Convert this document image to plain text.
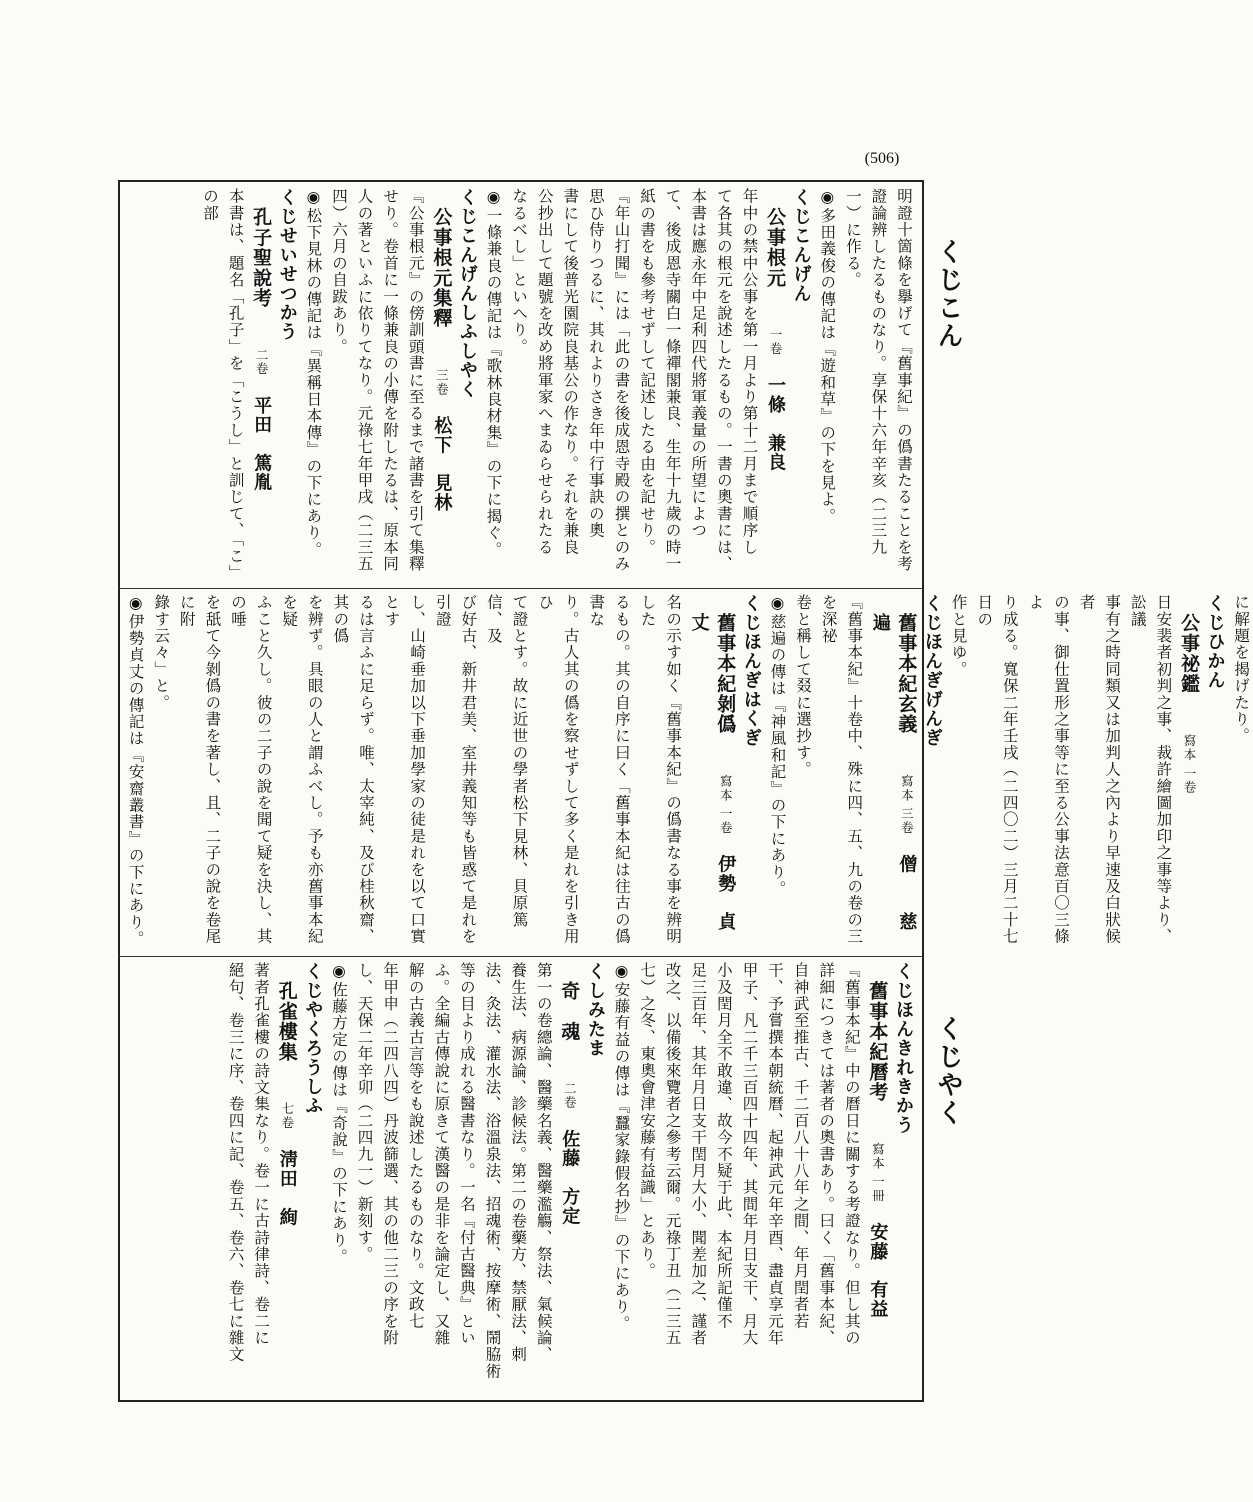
(506)
くじこん
くじやく

明證十箇條を擧げて『舊事紀』の僞書たることを考

證論辨したるものなり。享保十六年辛亥（二三九

一）に作る。

◉多田義俊の傳記は『遊和草』の下を見よ。

くじこんげん

公事根元　　一卷　一條　兼良

年中の禁中公事を第一月より第十二月まで順序し

て各其の根元を說述したるもの。一書の奧書には、

本書は應永年中足利四代將軍義量の所望によつ

て、後成恩寺關白一條禪閣兼良、生年十九歲の時一

紙の書をも參考せずして記述したる由を記せり。

『年山打聞』には「此の書を後成恩寺殿の撰とのみ

思ひ侍りつるに、其れよりさき年中行事訣の奧

書にして後普光園院良基公の作なり。それを兼良

公抄出して題號を改め將軍家へまゐらせられたる

なるべし」といへり。

◉一條兼良の傳記は『歌林良材集』の下に揭ぐ。

くじこんげんしふしやく

公事根元集釋　　三卷　松下　見林

『公事根元』の傍訓頭書に至るまで諸書を引て集釋

せり。卷首に一條兼良の小傳を附したるは、原本同

人の著といふに依りてなり。元祿七年甲戌（二三五

四）六月の自跋あり。

◉松下見林の傳記は『異稱日本傳』の下にあり。

くじせいせつかう

孔子聖說考　　二卷　平田　篤胤

本書は、題名「孔子」を「こうし」と訓じて、「こ」の部

に解題を揭げたり。

くじひかん

公事祕鑑　　寫本 一卷　

日安裴者初判之事、裁許繪圖加印之事等より、訟議

事有之時同類又は加判人之內より早速及白狀候者

の事、御仕置形之事等に至る公事法意百〇三條よ

り成る。寬保二年壬戌（二四〇二）三月二十七日の

作と見ゆ。

くじほんぎげんぎ

舊事本紀玄義　　寫本 三卷　僧　　慈遍

『舊事本紀』十卷中、殊に四、五、九の卷の三を深祕

卷と稱して叕に選抄す。

◉慈遍の傳は『神風和記』の下にあり。

くじほんぎはくぎ

舊事本紀剝僞　　寫本 一卷　伊勢　貞丈

名の示す如く『舊事本紀』の僞書なる事を辨明した

るもの。其の自序に曰く「舊事本紀は往古の僞書な

り。古人其の僞を察せずして多く是れを引き用ひ

て證とす。故に近世の學者松下見林、貝原篤信、及

び好古、新井君美、室井義知等も皆惑て是れを引證

し、山崎垂加以下垂加學家の徒是れを以て口實とす

るは言ふに足らず。唯、太宰純、及び桂秋齋、其の僞

を辨ず。具眼の人と謂ふべし。予も亦舊事本紀を疑

ふこと久し。彼の二子の說を聞て疑を決し、其の唾

を舐て今剝僞の書を著し、且、二子の說を卷尾に附

錄す云々」と。

◉伊勢貞丈の傳記は『安齋叢書』の下にあり。

くじほんきれきかう

舊事本紀曆考　　寫本 一冊　安藤　有益

『舊事本紀』中の曆日に關する考證なり。但し其の

詳細につきては著者の奧書あり。曰く「舊事本紀、

自神武至推古、千二百八十八年之間、年月閏者若

干、予嘗撰本朝統曆、起神武元年辛酉、盡貞享元年

甲子、凡二千三百四十四年、其間年月日支干、月大

小及閏月全不敢違、故今不疑于此、本紀所記僅不

足三百年、其年月日支干閏月大小、聞差加之、謹者

改之、以備後來覽者之參考云爾。元祿丁丑（二三五

七）之冬、東奧會津安藤有益識」とあり。

◉安藤有益の傳は『蠶家錄假名抄』の下にあり。

くしみたま

奇　魂　　二卷　佐藤　方定

第一の卷總論、醫藥名義、醫藥濫觴、祭法、氣候論、

養生法、病源論、診候法。第二の卷藥方、禁厭法、刺

法、灸法、灌水法、浴溫泉法、招魂術、按摩術、鬧脇術

等の目より成れる醫書なり。一名『付古醫典』とい

ふ。全編古傳說に原きて漢醫の是非を論定し、又雜

解の古義古言等をも說述したるものなり。文政七

年甲申（二四八四）丹波篩選、其の他二三の序を附

し、天保二年辛卯（二四九一）新刻す。

◉佐藤方定の傳は『奇說』の下にあり。

くじやくろうしふ

孔雀樓集　　七卷　淸田　絢

著者孔雀樓の詩文集なり。卷一に古詩律詩、卷二に

絕句、卷三に序、卷四に記、卷五、卷六、卷七に雜文
